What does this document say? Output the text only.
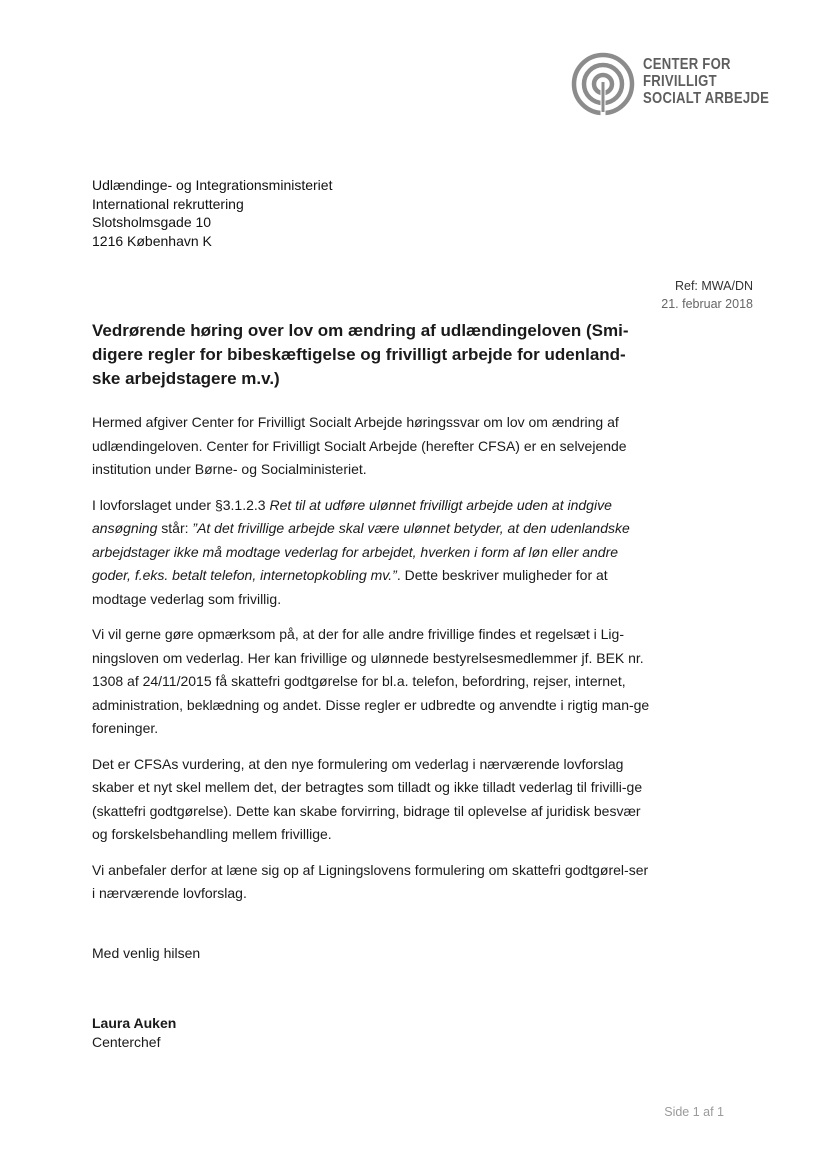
CENTER FOR
FRIVILLIGT
SOCIALT ARBEJDE
Udlændinge- og Integrationsministeriet
International rekruttering
Slotsholmsgade 10
1216 København K
Ref: MWA/DN
21. februar 2018
Vedrørende høring over lov om ændring af udlændingeloven (Smi-digere regler for bibeskæftigelse og frivilligt arbejde for udenland-ske arbejdstagere m.v.)

Hermed afgiver Center for Frivilligt Socialt Arbejde høringssvar om lov om ændring af udlændingeloven. Center for Frivilligt Socialt Arbejde (herefter CFSA) er en selvejende institution under Børne- og Socialministeriet.

I lovforslaget under §3.1.2.3 Ret til at udføre ulønnet frivilligt arbejde uden at indgive ansøgning står: ”At det frivillige arbejde skal være ulønnet betyder, at den udenlandske arbejdstager ikke må modtage vederlag for arbejdet, hverken i form af løn eller andre goder, f.eks. betalt telefon, internetopkobling mv.”. Dette beskriver muligheder for at modtage vederlag som frivillig.

Vi vil gerne gøre opmærksom på, at der for alle andre frivillige findes et regelsæt i Lig-ningsloven om vederlag. Her kan frivillige og ulønnede bestyrelsesmedlemmer jf. BEK nr. 1308 af 24/11/2015 få skattefri godtgørelse for bl.a. telefon, befordring, rejser, internet, administration, beklædning og andet. Disse regler er udbredte og anvendte i rigtig man-ge foreninger.

Det er CFSAs vurdering, at den nye formulering om vederlag i nærværende lovforslag skaber et nyt skel mellem det, der betragtes som tilladt og ikke tilladt vederlag til frivilli-ge (skattefri godtgørelse). Dette kan skabe forvirring, bidrage til oplevelse af juridisk besvær og forskelsbehandling mellem frivillige.

Vi anbefaler derfor at læne sig op af Ligningslovens formulering om skattefri godtgørel-ser i nærværende lovforslag.

Med venlig hilsen
Laura Auken
Centerchef
Side 1 af 1
